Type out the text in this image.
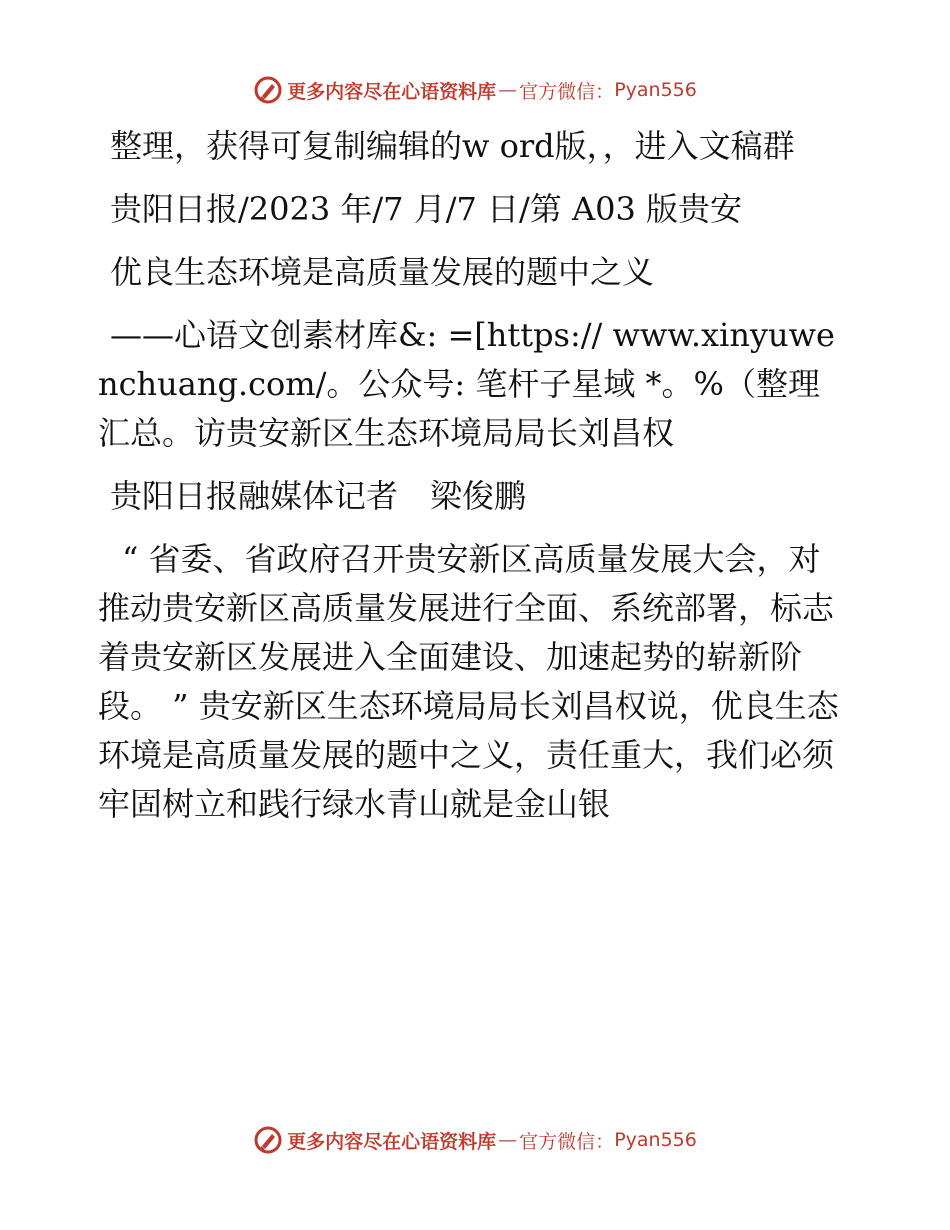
更多内容尽在心语资料库 — 官方微信： Pyan556

整理，获得可复制编辑的w ord版，，进入文稿群

贵阳日报/2023 年/7 月/7 日/第 A03 版贵安

优良生态环境是高质量发展的题中之义

——心语文创素材库&: =[https:// www.xinyuwenchuang.com/。公众号: 笔杆子星域 *。%（整理汇总。访贵安新区生态环境局局长刘昌权

贵阳日报融媒体记者　梁俊鹏

“ 省委、省政府召开贵安新区高质量发展大会，对推动贵安新区高质量发展进行全面、系统部署，标志着贵安新区发展进入全面建设、加速起势的崭新阶段。 ” 贵安新区生态环境局局长刘昌权说，优良生态环境是高质量发展的题中之义，责任重大，我们必须牢固树立和践行绿水青山就是金山银

更多内容尽在心语资料库 — 官方微信： Pyan556
